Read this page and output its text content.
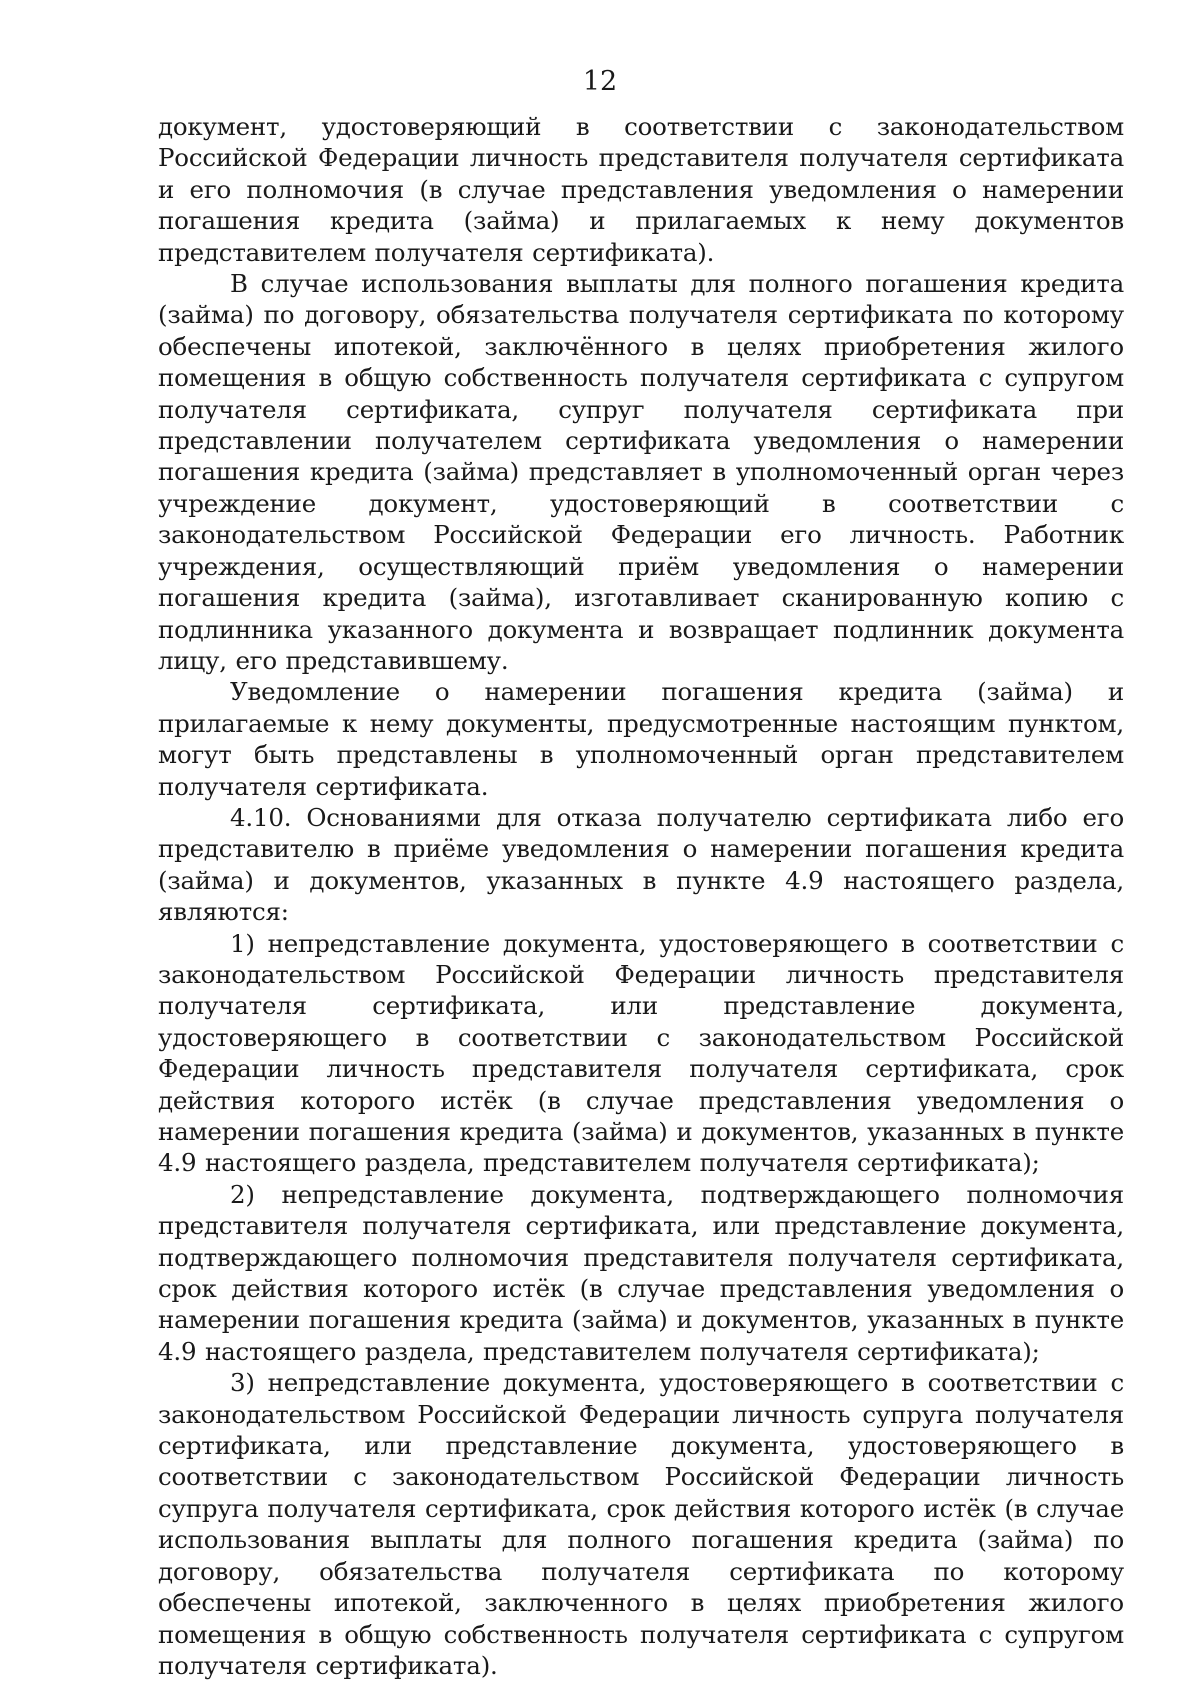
12

документ, удостоверяющий в соответствии с законодательством Российской Федерации личность представителя получателя сертификата и его полномочия (в случае представления уведомления о намерении погашения кредита (займа) и прилагаемых к нему документов представителем получателя сертификата).

В случае использования выплаты для полного погашения кредита (займа) по договору, обязательства получателя сертификата по которому обеспечены ипотекой, заключённого в целях приобретения жилого помещения в общую собственность получателя сертификата с супругом получателя сертификата, супруг получателя сертификата при представлении получателем сертификата уведомления о намерении погашения кредита (займа) представляет в уполномоченный орган через учреждение документ, удостоверяющий в соответствии с законодательством Российской Федерации его личность. Работник учреждения, осуществляющий приём уведомления о намерении погашения кредита (займа), изготавливает сканированную копию с подлинника указанного документа и возвращает подлинник документа лицу, его представившему.

Уведомление о намерении погашения кредита (займа) и прилагаемые к нему документы, предусмотренные настоящим пунктом, могут быть представлены в уполномоченный орган представителем получателя сертификата.

4.10. Основаниями для отказа получателю сертификата либо его представителю в приёме уведомления о намерении погашения кредита (займа) и документов, указанных в пункте 4.9 настоящего раздела, являются:

1) непредставление документа, удостоверяющего в соответствии с законодательством Российской Федерации личность представителя получателя сертификата, или представление документа, удостоверяющего в соответствии с законодательством Российской Федерации личность представителя получателя сертификата, срок действия которого истёк (в случае представления уведомления о намерении погашения кредита (займа) и документов, указанных в пункте 4.9 настоящего раздела, представителем получателя сертификата);

2) непредставление документа, подтверждающего полномочия представителя получателя сертификата, или представление документа, подтверждающего полномочия представителя получателя сертификата, срок действия которого истёк (в случае представления уведомления о намерении погашения кредита (займа) и документов, указанных в пункте 4.9 настоящего раздела, представителем получателя сертификата);

3) непредставление документа, удостоверяющего в соответствии с законодательством Российской Федерации личность супруга получателя сертификата, или представление документа, удостоверяющего в соответствии с законодательством Российской Федерации личность супруга получателя сертификата, срок действия которого истёк (в случае использования выплаты для полного погашения кредита (займа) по договору, обязательства получателя сертификата по которому обеспечены ипотекой, заключенного в целях приобретения жилого помещения в общую собственность получателя сертификата с супругом получателя сертификата).
